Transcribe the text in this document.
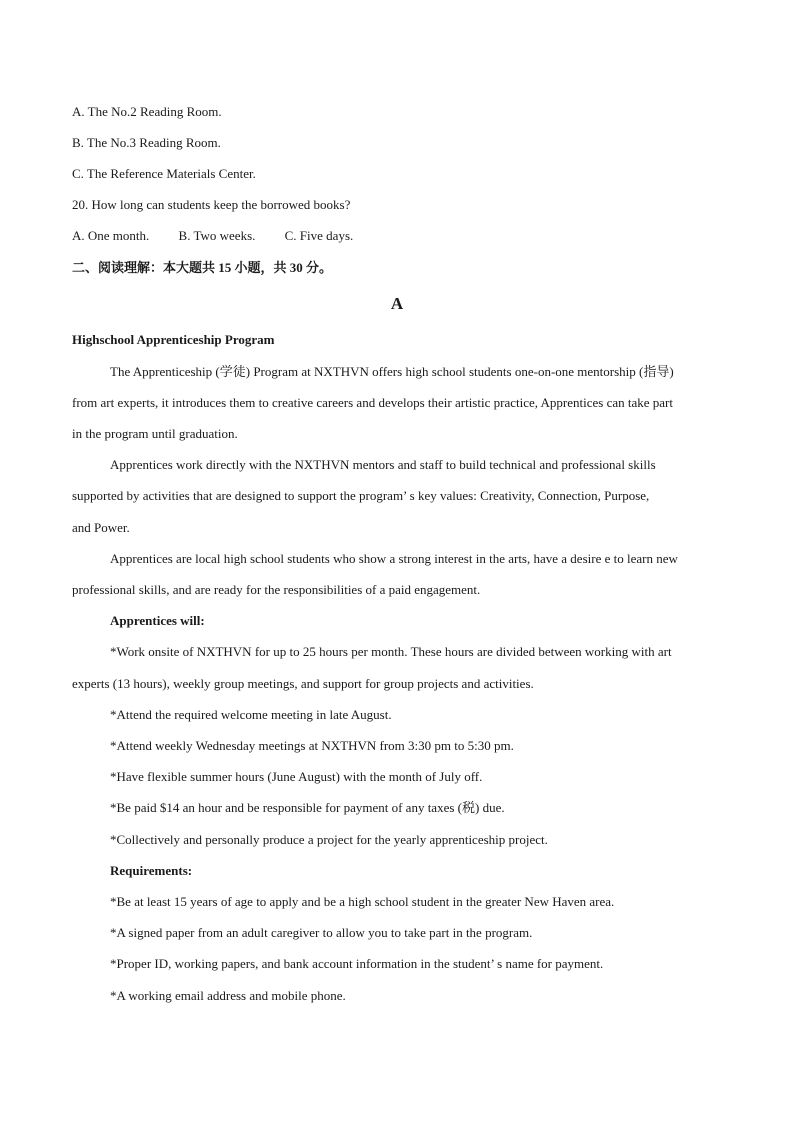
A. The No.2 Reading Room.
B. The No.3 Reading Room.
C. The Reference Materials Center.
20. How long can students keep the borrowed books?
A. One month. B. Two weeks. C. Five days.
二、阅读理解：本大题共 15 小题，共 30 分。
A
Highschool Apprenticeship Program
The Apprenticeship (学徒) Program at NXTHVN offers high school students one-on-one mentorship (指导)
from art experts, it introduces them to creative careers and develops their artistic practice, Apprentices can take part
in the program until graduation.
Apprentices work directly with the NXTHVN mentors and staff to build technical and professional skills
supported by activities that are designed to support the program’ s key values: Creativity, Connection, Purpose,
and Power.
Apprentices are local high school students who show a strong interest in the arts, have a desire e to learn new
professional skills, and are ready for the responsibilities of a paid engagement.
Apprentices will:
*Work onsite of NXTHVN for up to 25 hours per month. These hours are divided between working with art
experts (13 hours), weekly group meetings, and support for group projects and activities.
*Attend the required welcome meeting in late August.
*Attend weekly Wednesday meetings at NXTHVN from 3:30 pm to 5:30 pm.
*Have flexible summer hours (June August) with the month of July off.
*Be paid $14 an hour and be responsible for payment of any taxes (税) due.
*Collectively and personally produce a project for the yearly apprenticeship project.
Requirements:
*Be at least 15 years of age to apply and be a high school student in the greater New Haven area.
*A signed paper from an adult caregiver to allow you to take part in the program.
*Proper ID, working papers, and bank account information in the student’ s name for payment.
*A working email address and mobile phone.
